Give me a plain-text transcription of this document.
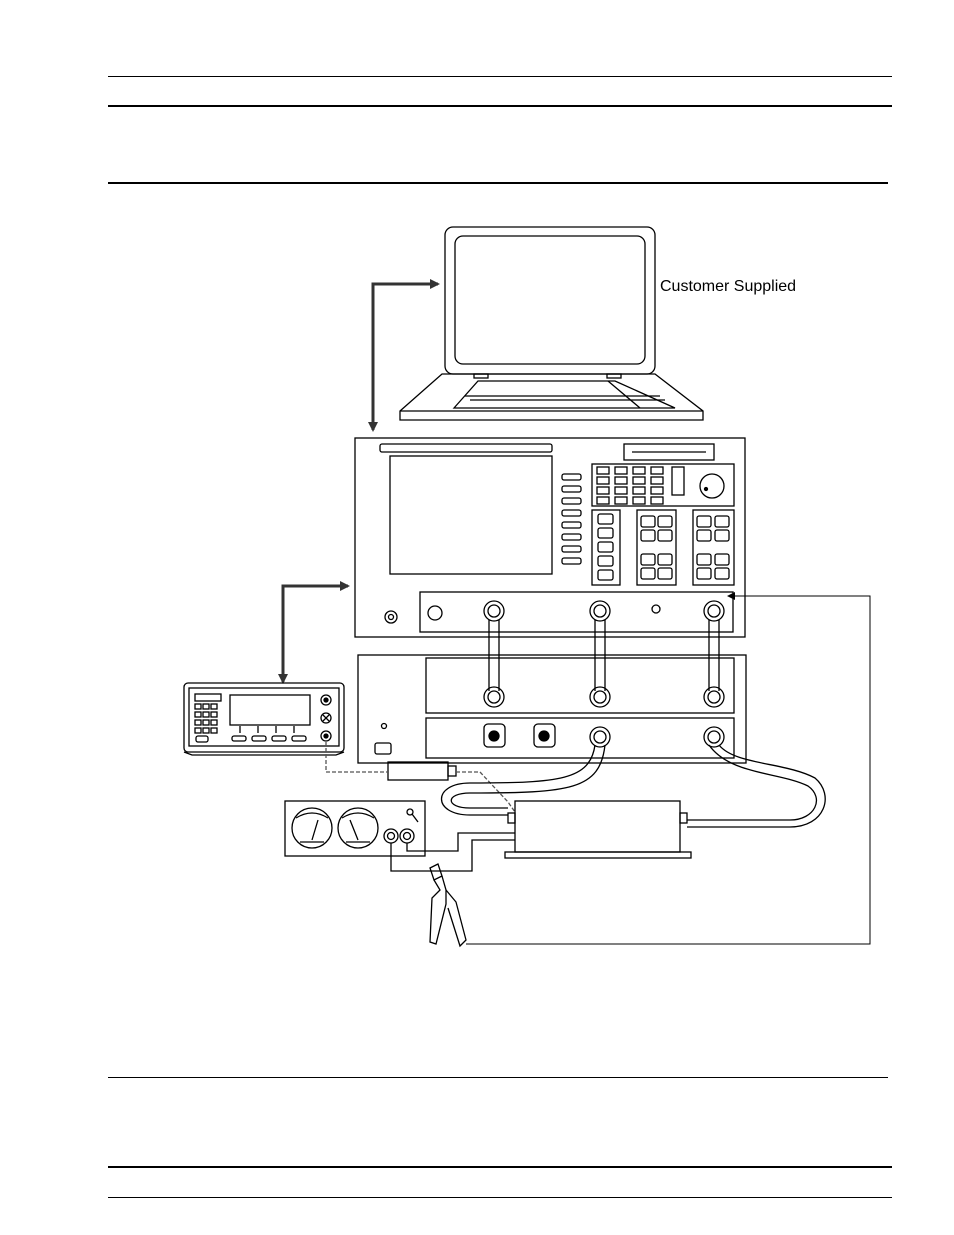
Customer Supplied
